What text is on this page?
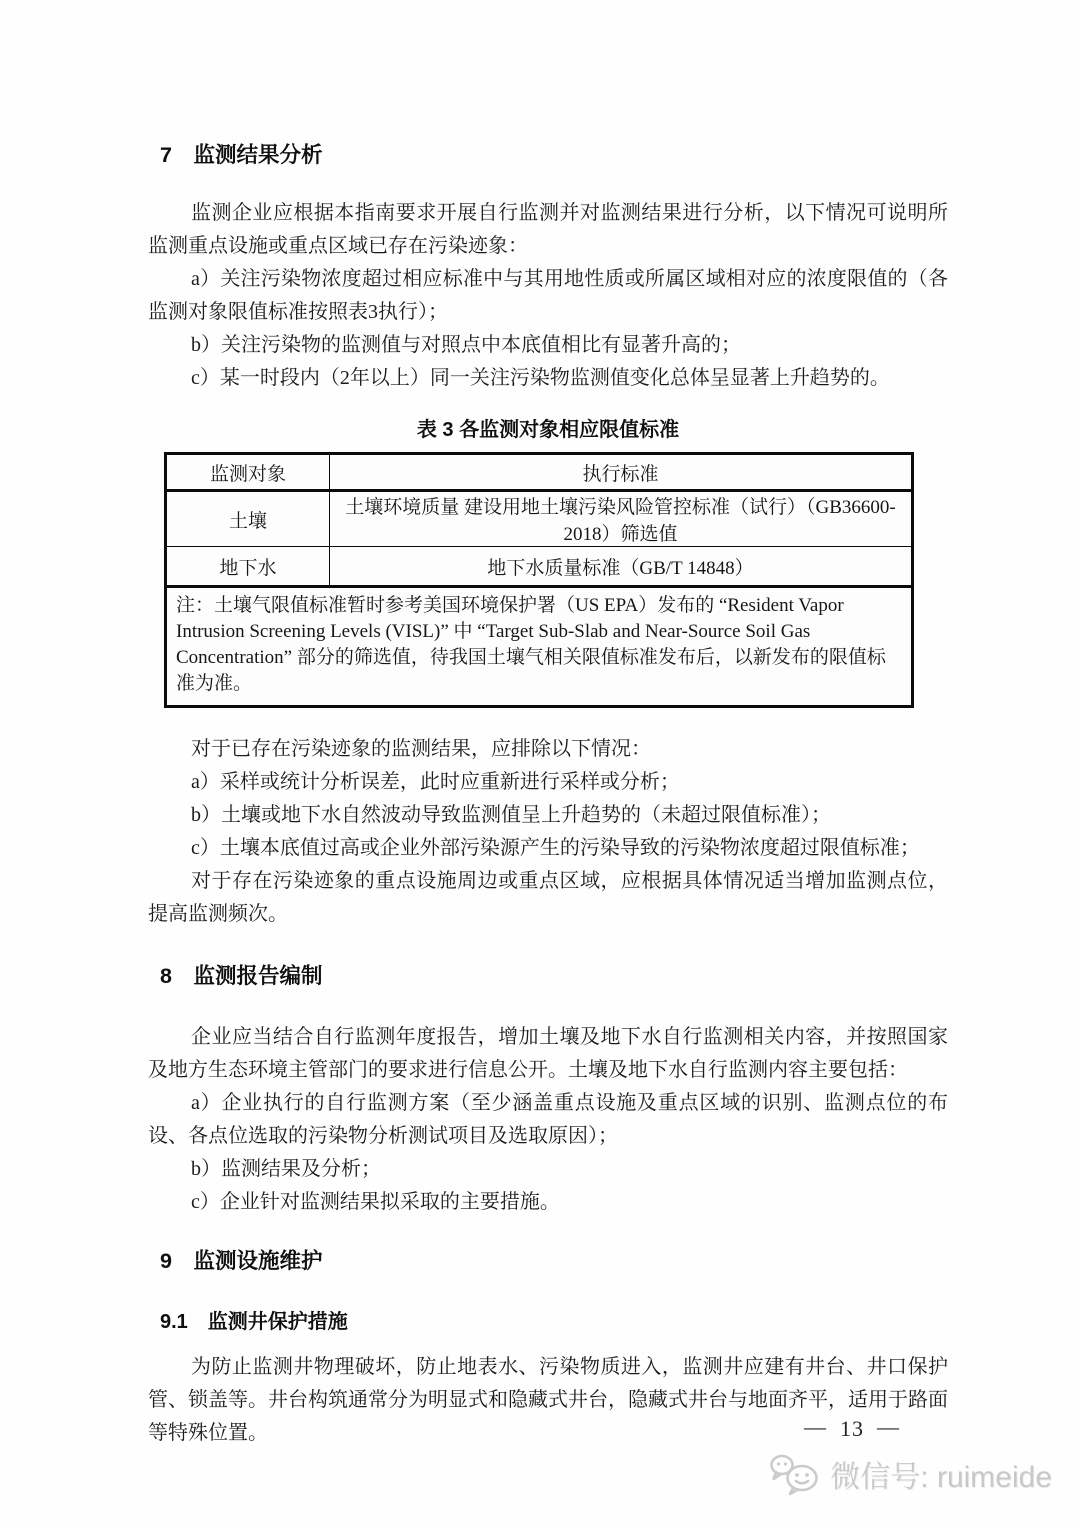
7　监测结果分析

监测企业应根据本指南要求开展自行监测并对监测结果进行分析，以下情况可说明所监测重点设施或重点区域已存在污染迹象：

a）关注污染物浓度超过相应标准中与其用地性质或所属区域相对应的浓度限值的（各监测对象限值标准按照表3执行）；

b）关注污染物的监测值与对照点中本底值相比有显著升高的；

c）某一时段内（2年以上）同一关注污染物监测值变化总体呈显著上升趋势的。

表 3 各监测对象相应限值标准
监测对象	执行标准
土壤	土壤环境质量 建设用地土壤污染风险管控标准（试行）（GB36600-2018）筛选值
地下水	地下水质量标准（GB/T 14848）
注：土壤气限值标准暂时参考美国环境保护署（US EPA）发布的 “Resident Vapor Intrusion Screening Levels (VISL)” 中 “Target Sub-Slab and Near-Source Soil Gas Concentration” 部分的筛选值，待我国土壤气相关限值标准发布后，以新发布的限值标准为准。	

对于已存在污染迹象的监测结果，应排除以下情况：

a）采样或统计分析误差，此时应重新进行采样或分析；

b）土壤或地下水自然波动导致监测值呈上升趋势的（未超过限值标准）；

c）土壤本底值过高或企业外部污染源产生的污染导致的污染物浓度超过限值标准；

对于存在污染迹象的重点设施周边或重点区域，应根据具体情况适当增加监测点位，提高监测频次。

8　监测报告编制

企业应当结合自行监测年度报告，增加土壤及地下水自行监测相关内容，并按照国家及地方生态环境主管部门的要求进行信息公开。土壤及地下水自行监测内容主要包括：

a）企业执行的自行监测方案（至少涵盖重点设施及重点区域的识别、监测点位的布设、各点位选取的污染物分析测试项目及选取原因）；

b）监测结果及分析；

c）企业针对监测结果拟采取的主要措施。

9　监测设施维护
9.1　监测井保护措施

为防止监测井物理破坏，防止地表水、污染物质进入，监测井应建有井台、井口保护管、锁盖等。井台构筑通常分为明显式和隐藏式井台，隐藏式井台与地面齐平，适用于路面等特殊位置。	— 13 —
微信号: ruimeide
